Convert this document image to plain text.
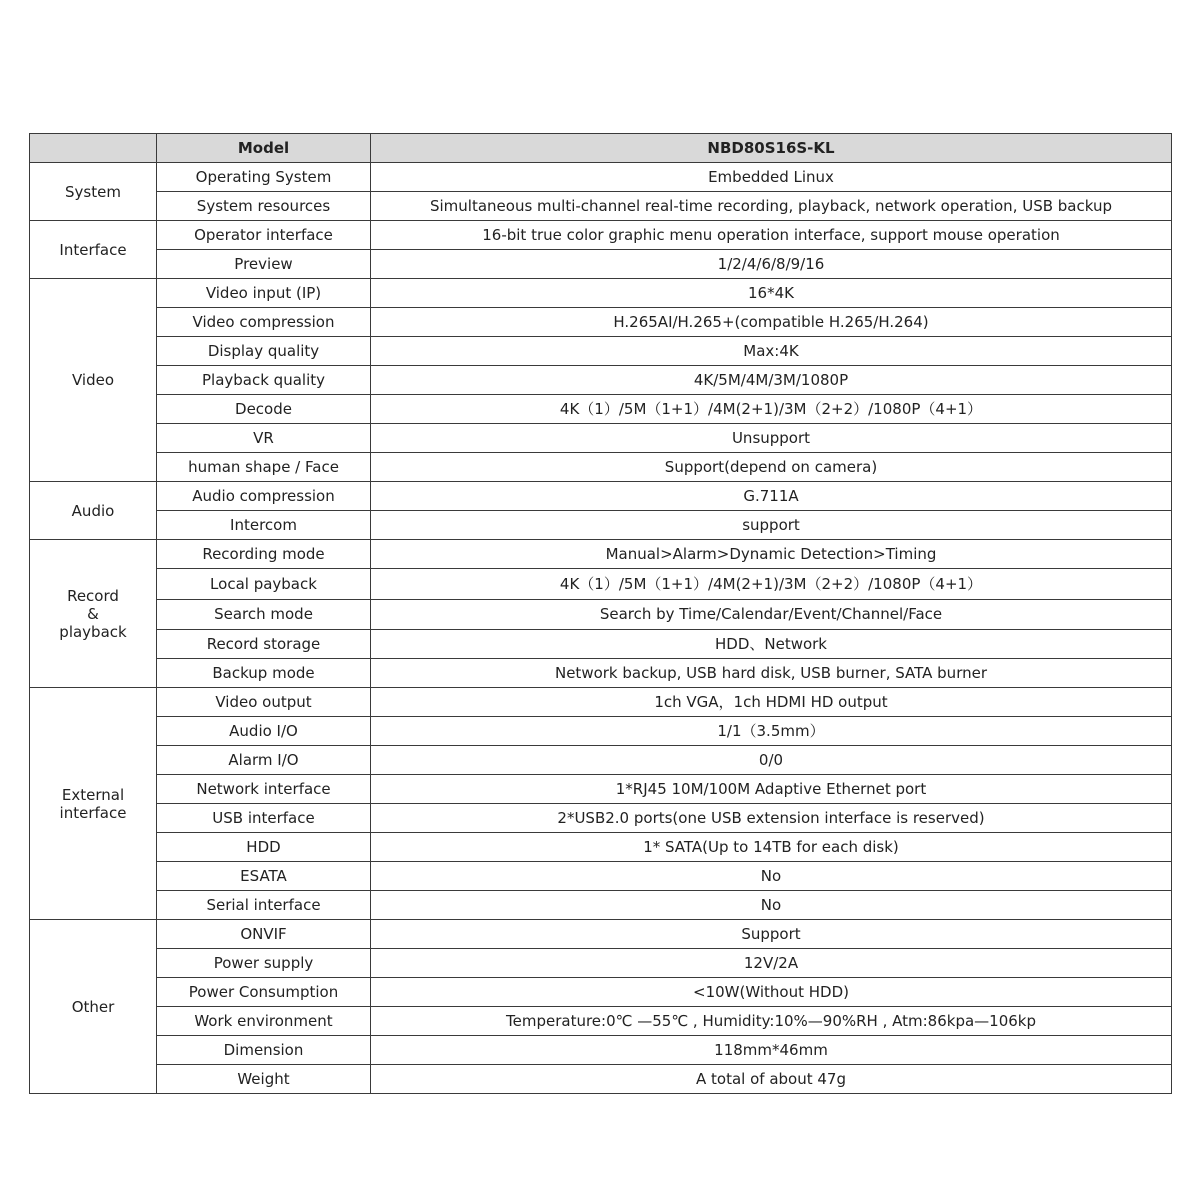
	Model	NBD80S16S-KL
System	Operating System	Embedded Linux
	System resources	Simultaneous multi-channel real-time recording, playback, network operation, USB backup
Interface	Operator interface	16-bit true color graphic menu operation interface, support mouse operation
	Preview	1/2/4/6/8/9/16
Video	Video input (IP)	16*4K
	Video compression	H.265AI/H.265+(compatible H.265/H.264)
	Display quality	Max:4K
	Playback quality	4K/5M/4M/3M/1080P
	Decode	4K（1）/5M（1+1）/4M(2+1)/3M（2+2）/1080P（4+1）
	VR	Unsupport
	human shape / Face	Support(depend on camera)
Audio	Audio compression	G.711A
	Intercom	support

Record
&
playback	Recording mode	Manual>Alarm>Dynamic Detection>Timing
	Local payback	4K（1）/5M（1+1）/4M(2+1)/3M（2+2）/1080P（4+1）
	Search mode	Search by Time/Calendar/Event/Channel/Face
	Record storage	HDD、Network
	Backup mode	Network backup, USB hard disk, USB burner, SATA burner

External
interface	Video output	1ch VGA，1ch HDMI HD output
	Audio I/O	1/1（3.5mm）
	Alarm I/O	0/0
	Network interface	1*RJ45 10M/100M Adaptive Ethernet port
	USB interface	2*USB2.0 ports(one USB extension interface is reserved)
	HDD	1* SATA(Up to 14TB for each disk)
	ESATA	No
	Serial interface	No
Other	ONVIF	Support
	Power supply	12V/2A
	Power Consumption	<10W(Without HDD)
	Work environment	Temperature:0℃ —55℃ , Humidity:10%—90%RH , Atm:86kpa—106kp
	Dimension	118mm*46mm
	Weight	A total of about 47g
